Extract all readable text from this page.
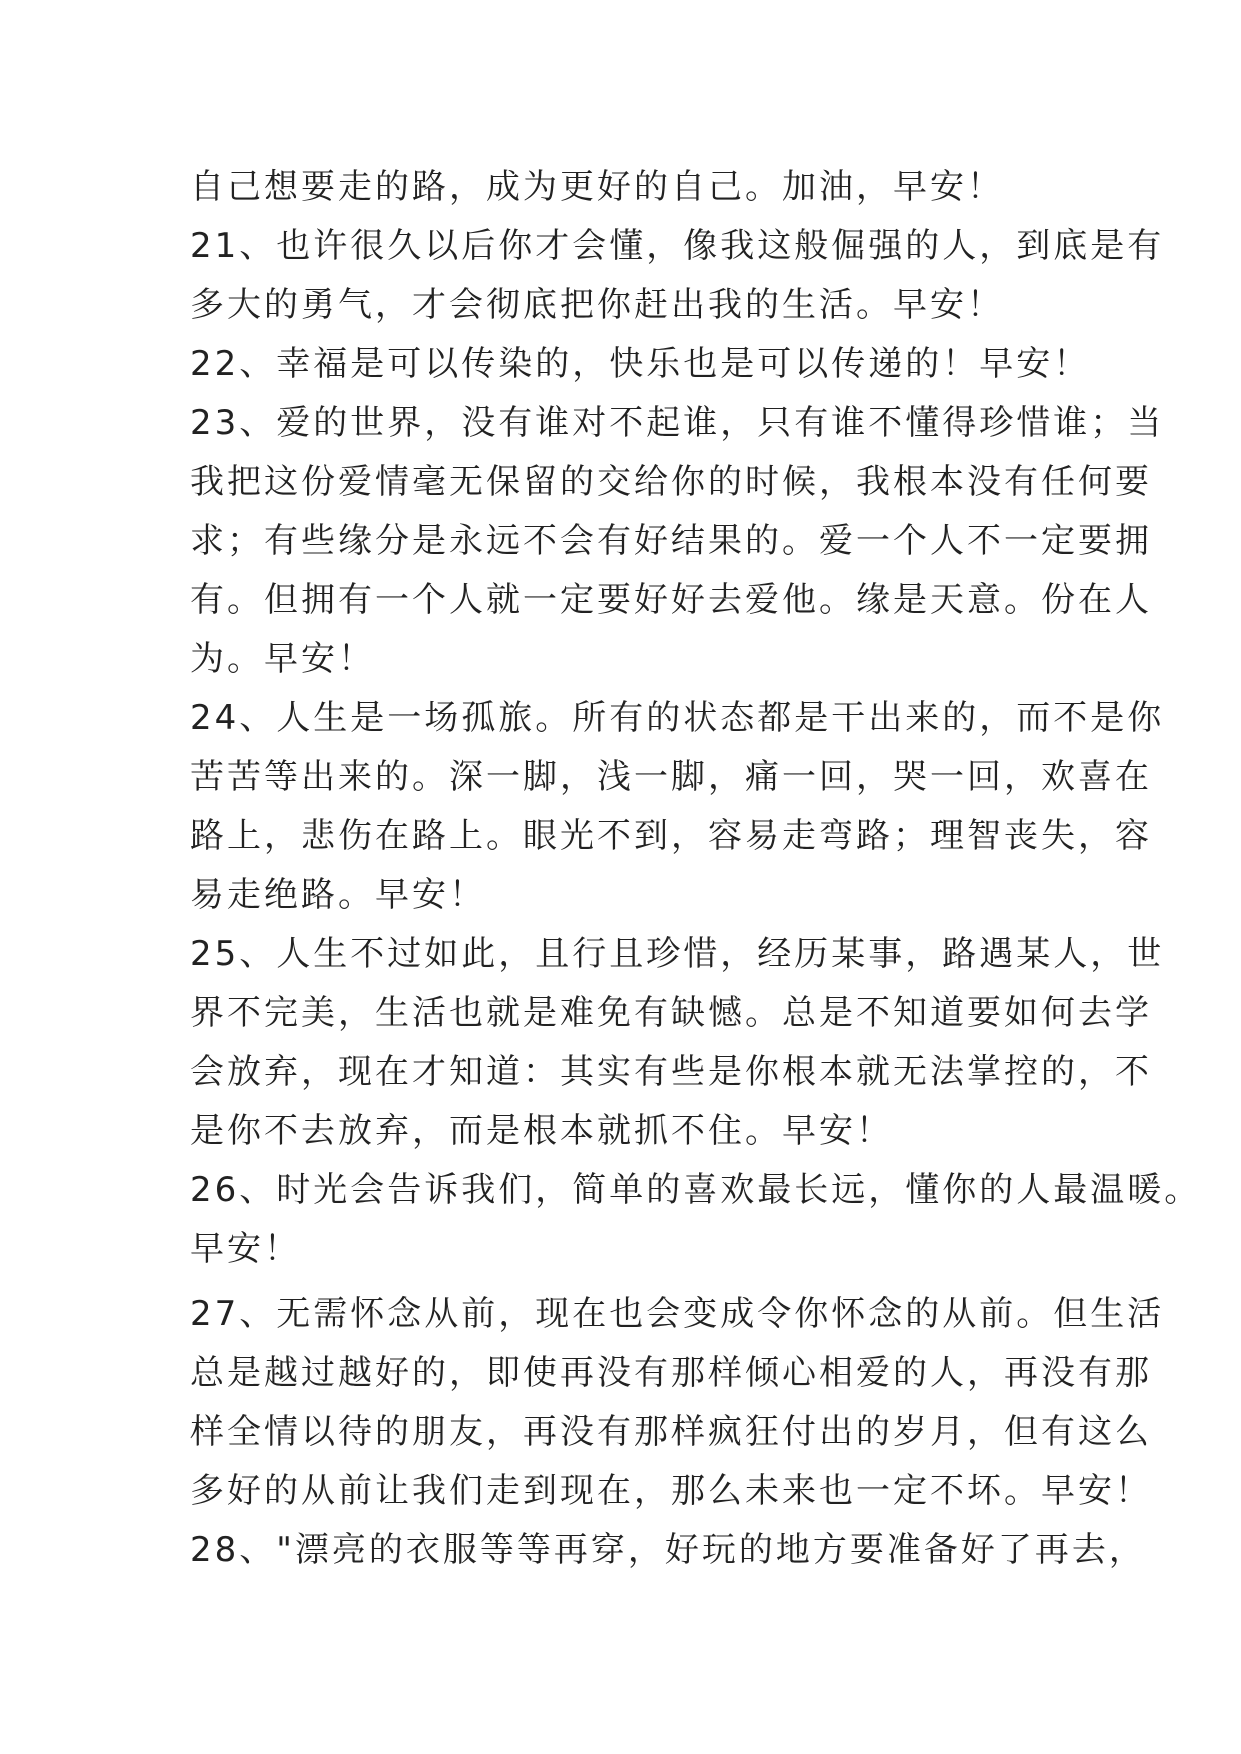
自己想要走的路，成为更好的自己。加油，早安！
21、也许很久以后你才会懂，像我这般倔强的人，到底是有
多大的勇气，才会彻底把你赶出我的生活。早安！
22、幸福是可以传染的，快乐也是可以传递的！早安！
23、爱的世界，没有谁对不起谁，只有谁不懂得珍惜谁；当
我把这份爱情毫无保留的交给你的时候，我根本没有任何要
求；有些缘分是永远不会有好结果的。爱一个人不一定要拥
有。但拥有一个人就一定要好好去爱他。缘是天意。份在人
为。早安！
24、人生是一场孤旅。所有的状态都是干出来的，而不是你
苦苦等出来的。深一脚，浅一脚，痛一回，哭一回，欢喜在
路上，悲伤在路上。眼光不到，容易走弯路；理智丧失，容
易走绝路。早安！
25、人生不过如此，且行且珍惜，经历某事，路遇某人，世
界不完美，生活也就是难免有缺憾。总是不知道要如何去学
会放弃，现在才知道：其实有些是你根本就无法掌控的，不
是你不去放弃，而是根本就抓不住。早安！
26、时光会告诉我们，简单的喜欢最长远，懂你的人最温暖。
早安！
27、无需怀念从前，现在也会变成令你怀念的从前。但生活
总是越过越好的，即使再没有那样倾心相爱的人，再没有那
样全情以待的朋友，再没有那样疯狂付出的岁月，但有这么
多好的从前让我们走到现在，那么未来也一定不坏。早安！
28、"漂亮的衣服等等再穿，好玩的地方要准备好了再去，
